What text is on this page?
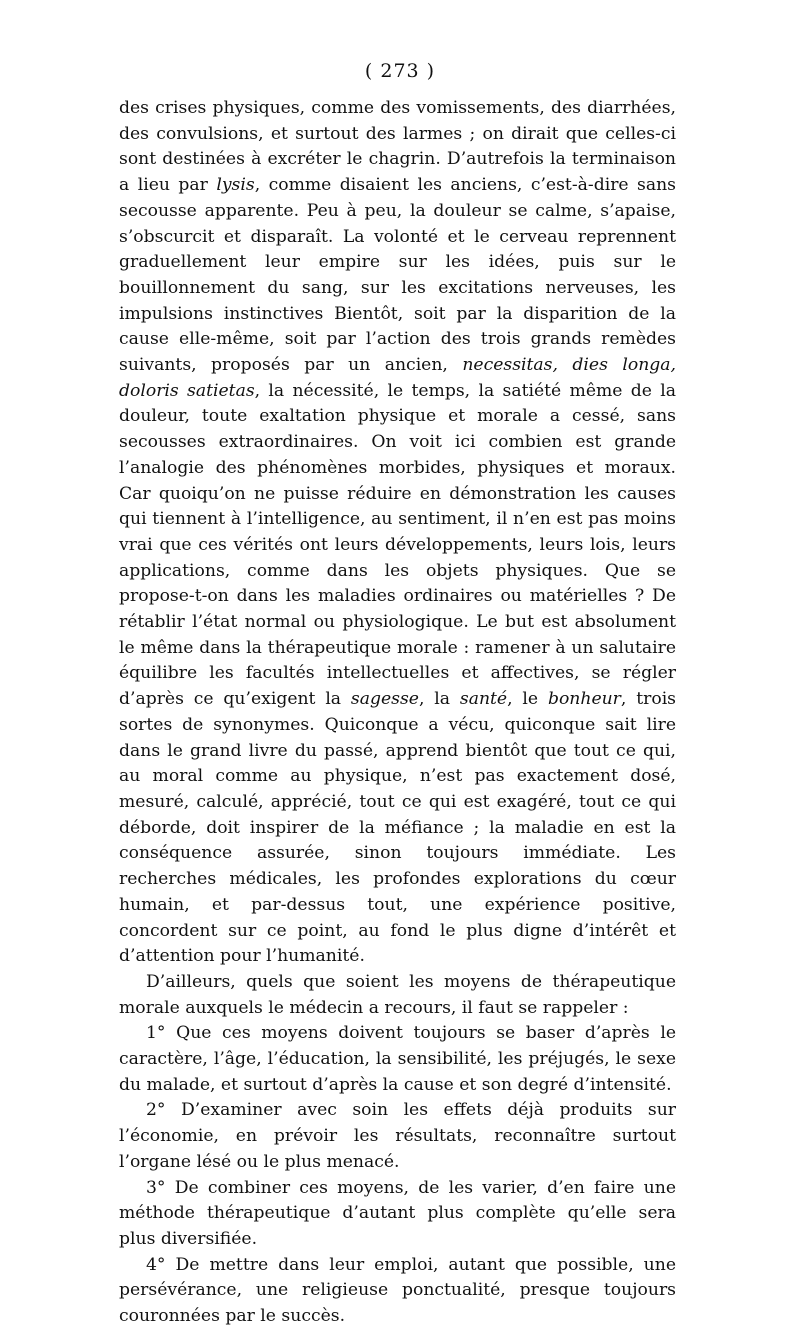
( 273 )

des crises physiques, comme des vomissements, des diarrhées, des convulsions, et surtout des larmes ; on dirait que celles-ci sont destinées à excréter le chagrin. D’autrefois la terminaison a lieu par lysis, comme disaient les anciens, c’est-à-dire sans secousse apparente. Peu à peu, la douleur se calme, s’apaise, s’obscurcit et disparaît. La volonté et le cerveau reprennent graduellement leur empire sur les idées, puis sur le bouillonnement du sang, sur les excitations nerveuses, les impulsions instinctives Bientôt, soit par la disparition de la cause elle-même, soit par l’action des trois grands remèdes suivants, proposés par un ancien, necessitas, dies longa, doloris satietas, la nécessité, le temps, la satiété même de la douleur, toute exaltation physique et morale a cessé, sans secousses extraordinaires. On voit ici combien est grande l’analogie des phénomènes morbides, physiques et moraux. Car quoiqu’on ne puisse réduire en démonstration les causes qui tiennent à l’intelligence, au sentiment, il n’en est pas moins vrai que ces vérités ont leurs développements, leurs lois, leurs applications, comme dans les objets physiques. Que se propose-t-on dans les maladies ordinaires ou matérielles ? De rétablir l’état normal ou physiologique. Le but est absolument le même dans la thérapeutique morale : ramener à un salutaire équilibre les facultés intellectuelles et affectives, se régler d’après ce qu’exigent la sagesse, la santé, le bonheur, trois sortes de synonymes. Quiconque a vécu, quiconque sait lire dans le grand livre du passé, apprend bientôt que tout ce qui, au moral comme au physique, n’est pas exactement dosé, mesuré, calculé, apprécié, tout ce qui est exagéré, tout ce qui déborde, doit inspirer de la méfiance ; la maladie en est la conséquence assurée, sinon toujours immédiate. Les recherches médicales, les profondes explorations du cœur humain, et par-dessus tout, une expérience positive, concordent sur ce point, au fond le plus digne d’intérêt et d’attention pour l’humanité.

D’ailleurs, quels que soient les moyens de thérapeutique morale auxquels le médecin a recours, il faut se rappeler :

1° Que ces moyens doivent toujours se baser d’après le caractère, l’âge, l’éducation, la sensibilité, les préjugés, le sexe du malade, et surtout d’après la cause et son degré d’intensité.

2° D’examiner avec soin les effets déjà produits sur l’économie, en prévoir les résultats, reconnaître surtout l’organe lésé ou le plus menacé.

3° De combiner ces moyens, de les varier, d’en faire une méthode thérapeutique d’autant plus complète qu’elle sera plus diversifiée.

4° De mettre dans leur emploi, autant que possible, une persévérance, une religieuse ponctualité, presque toujours couronnées par le succès.
